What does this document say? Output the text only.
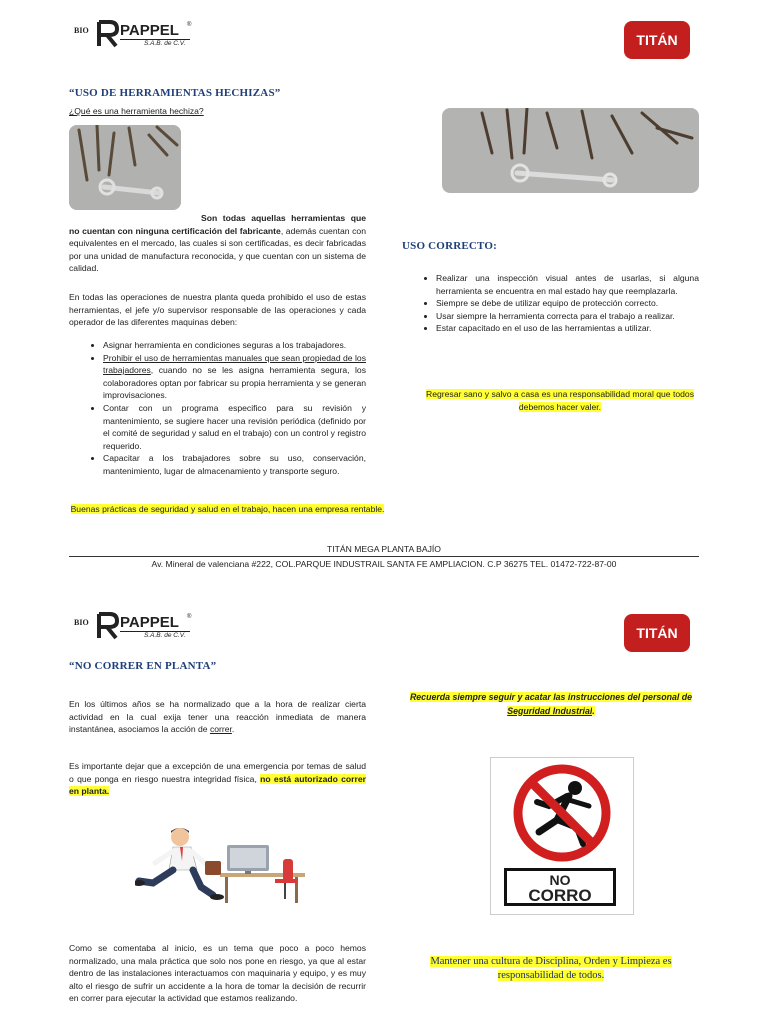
BIO PAPPEL ®
S.A.B. de C.V.	TITÁN
“USO DE HERRAMIENTAS HECHIZAS”
¿Qué es una herramienta hechiza?
Son todas aquellas herramientas que no cuentan con ninguna certificación del fabricante, además cuentan con equivalentes en el mercado, las cuales si son certificadas, es decir fabricadas por una unidad de manufactura reconocida, y que cuentan con un sistema de calidad.
En todas las operaciones de nuestra planta queda prohibido el uso de estas herramientas, el jefe y/o supervisor responsable de las operaciones y cada operador de las diferentes maquinas deben:
• Asignar herramienta en condiciones seguras a los trabajadores.
• Prohibir el uso de herramientas manuales que sean propiedad de los trabajadores, cuando no se les asigna herramienta segura, los colaboradores optan por fabricar su propia herramienta y se generan improvisaciones.
• Contar con un programa especifico para su revisión y mantenimiento, se sugiere hacer una revisión periódica (definido por el comité de seguridad y salud en el trabajo) con un control y registro requerido.
• Capacitar a los trabajadores sobre su uso, conservación, mantenimiento, lugar de almacenamiento y transporte seguro.
Buenas prácticas de seguridad y salud en el trabajo, hacen una empresa rentable.
USO CORRECTO:
• Realizar una inspección visual antes de usarlas, si alguna herramienta se encuentra en mal estado hay que reemplazarla.
• Siempre se debe de utilizar equipo de protección correcto.
• Usar siempre la herramienta correcta para el trabajo a realizar.
• Estar capacitado en el uso de las herramientas a utilizar.
Regresar sano y salvo a casa es una responsabilidad moral que todos debemos hacer valer.
TITÁN MEGA PLANTA BAJÍO
Av. Mineral de valenciana #222, COL.PARQUE INDUSTRAIL SANTA FE AMPLIACION. C.P 36275 TEL. 01472-722-87-00
BIO PAPPEL ®
S.A.B. de C.V.	TITÁN
“NO CORRER EN PLANTA”
En los últimos años se ha normalizado que a la hora de realizar cierta actividad en la cual exija tener una reacción inmediata de manera instantánea, asociamos la acción de correr.
Es importante dejar que a excepción de una emergencia por temas de salud o que ponga en riesgo nuestra integridad física, no está autorizado correr en planta.
Como se comentaba al inicio, es un tema que poco a poco hemos normalizado, una mala práctica que solo nos pone en riesgo, ya que al estar dentro de las instalaciones interactuamos con maquinaria y equipo, y es muy alto el riesgo de sufrir un accidente a la hora de tomar la decisión de recurrir en correr para ejecutar la actividad que estamos realizando.
Recuerda siempre seguir y acatar las instrucciones del personal de Seguridad Industrial.
NO
CORRO
Mantener una cultura de Disciplina, Orden y Limpieza es responsabilidad de todos.
